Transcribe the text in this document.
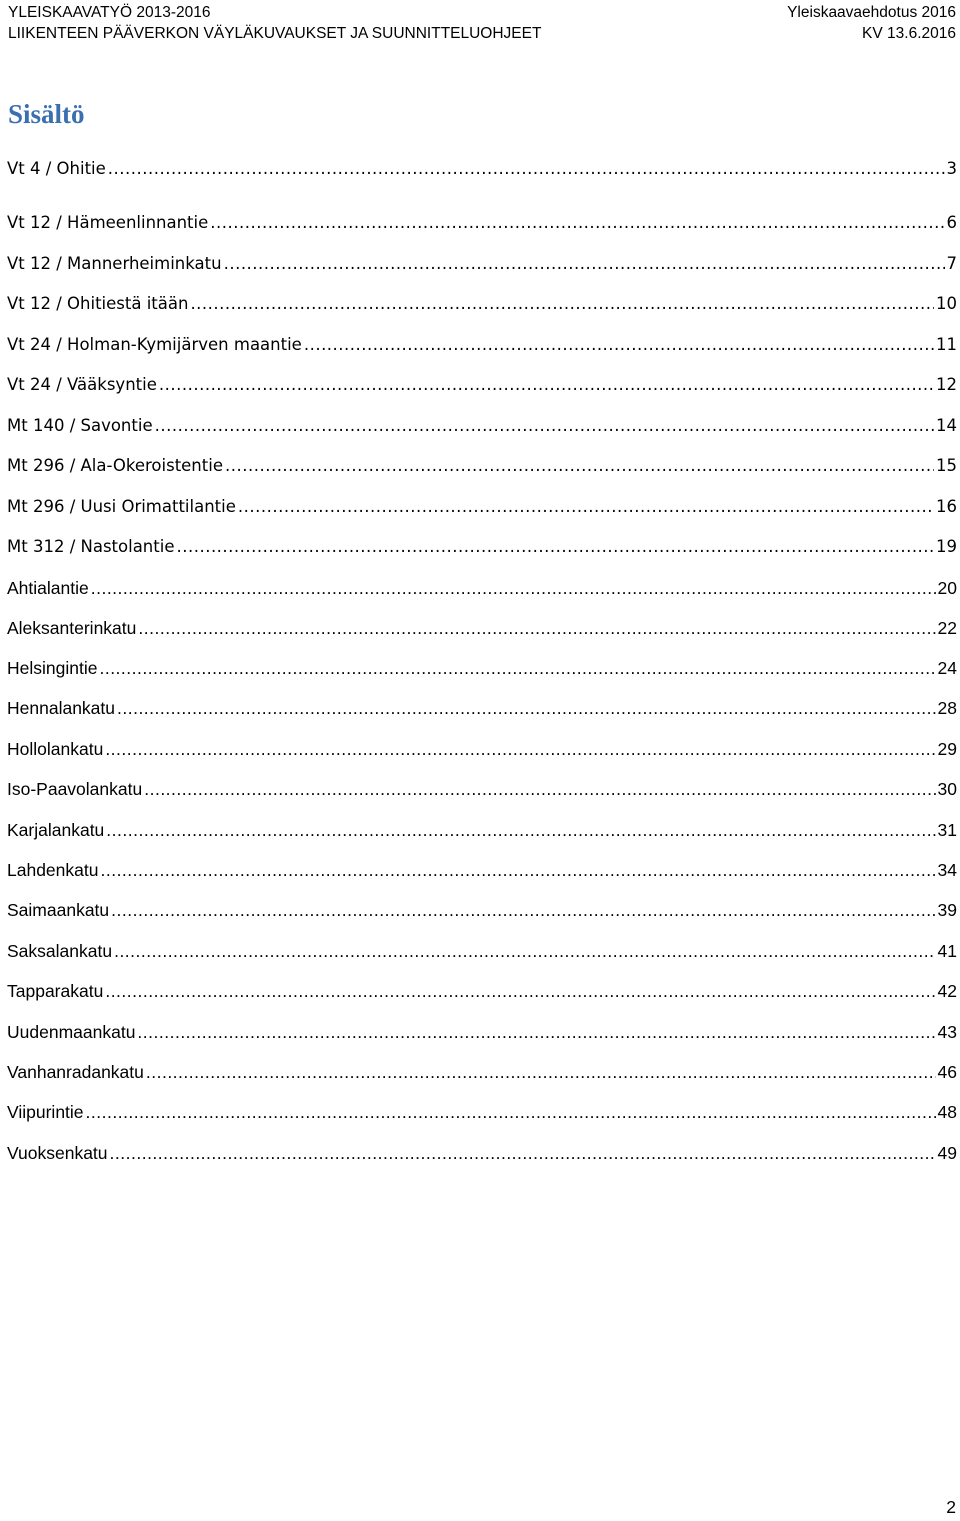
YLEISKAAVATYÖ 2013-2016	Yleiskaavaehdotus 2016
LIIKENTEEN PÄÄVERKON VÄYLÄKUVAUKSET JA SUUNNITTELUOHJEET	KV 13.6.2016
Sisältö
Vt 4 / Ohitie .....	3
Vt 12 / Hämeenlinnantie .....	6
Vt 12 / Mannerheiminkatu .....	7
Vt 12 / Ohitiestä itään .....	10
Vt 24 / Holman-Kymijärven maantie .....	11
Vt 24 / Vääksyntie .....	12
Mt 140 / Savontie .....	14
Mt 296 / Ala-Okeroistentie .....	15
Mt 296 / Uusi Orimattilantie .....	16
Mt 312 / Nastolantie .....	19
Ahtialantie .....	20
Aleksanterinkatu .....	22
Helsingintie .....	24
Hennalankatu .....	28
Hollolankatu .....	29
Iso-Paavolankatu .....	30
Karjalankatu .....	31
Lahdenkatu .....	34
Saimaankatu .....	39
Saksalankatu .....	41
Tapparakatu .....	42
Uudenmaankatu .....	43
Vanhanradankatu .....	46
Viipurintie .....	48
Vuoksenkatu .....	49
2
